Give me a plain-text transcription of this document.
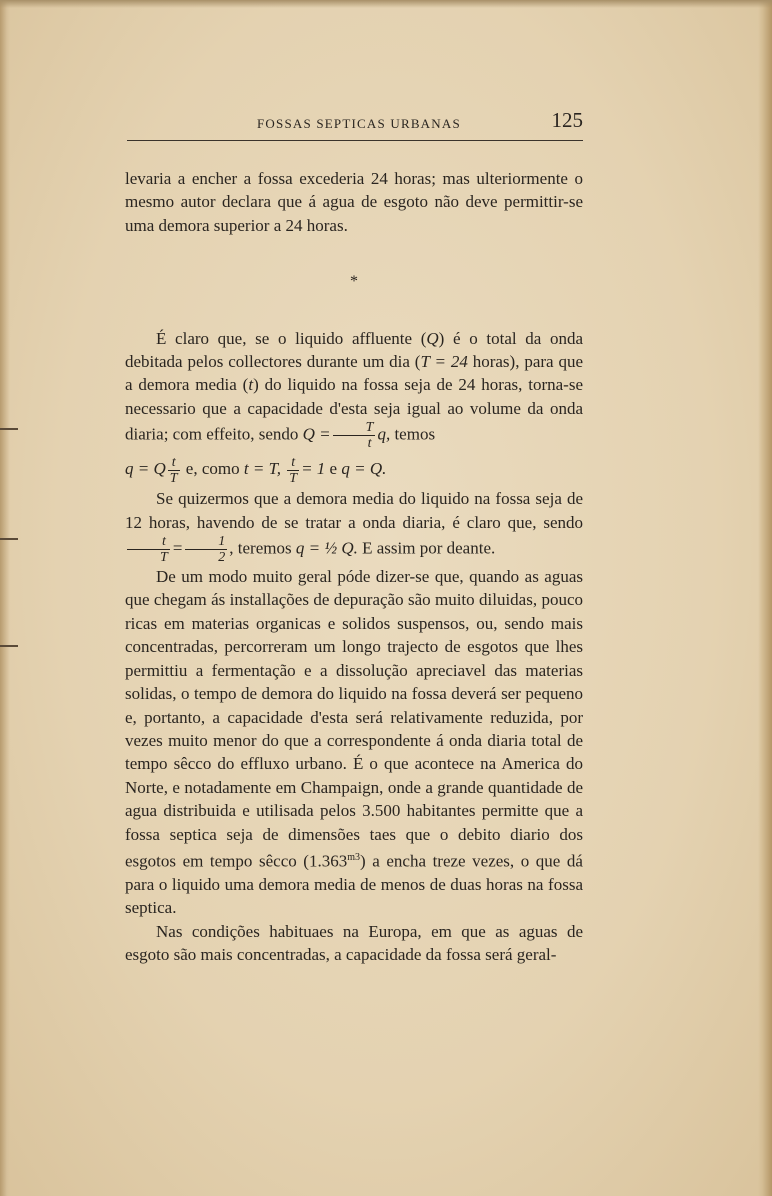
FOSSAS SEPTICAS URBANAS	125

levaria a encher a fossa excederia 24 horas; mas ulteriormente o mesmo autor declara que á agua de esgoto não deve permittir-se uma demora superior a 24 horas.

*

É claro que, se o liquido affluente (Q) é o total da onda debitada pelos collectores durante um dia (T = 24 horas), para que a demora media (t) do liquido na fossa seja de 24 horas, torna-se necessario que a capacidade d'esta seja igual ao volume da onda diaria; com effeito, sendo $Q = \frac{T}{t} q$, temos

q = Q $\frac{t}{T} e$, como t = T, $\frac{t}{T} = 1$ e q = Q.

Se quizermos que a demora media do liquido na fossa seja de 12 horas, havendo de se tratar a onda diaria, é claro que, sendo
$\frac{t}{T} = \frac{1}{2}$ , teremos q = ½ Q. E assim por deante.

De um modo muito geral póde dizer-se que, quando as aguas que chegam ás installações de depuração são muito diluidas, pouco ricas em materias organicas e solidos suspensos, ou, sendo mais concentradas, percorreram um longo trajecto de esgotos que lhes permittiu a fermentação e a dissolução apreciavel das materias solidas, o tempo de demora do liquido na fossa deverá ser pequeno e, portanto, a capacidade d'esta será relativamente reduzida, por vezes muito menor do que a correspondente á onda diaria total de tempo sêcco do effluxo urbano. É o que acontece na America do Norte, e notadamente em Champaign, onde a grande quantidade de agua distribuida e utilisada pelos 3.500 habitantes permitte que a fossa septica seja de dimensões taes que o debito diario dos esgotos em tempo sêcco $(1.363^{m3})$ a encha treze vezes, o que dá para o liquido uma demora media de menos de duas horas na fossa septica.

Nas condições habituaes na Europa, em que as aguas de esgoto são mais concentradas, a capacidade da fossa será geral-
